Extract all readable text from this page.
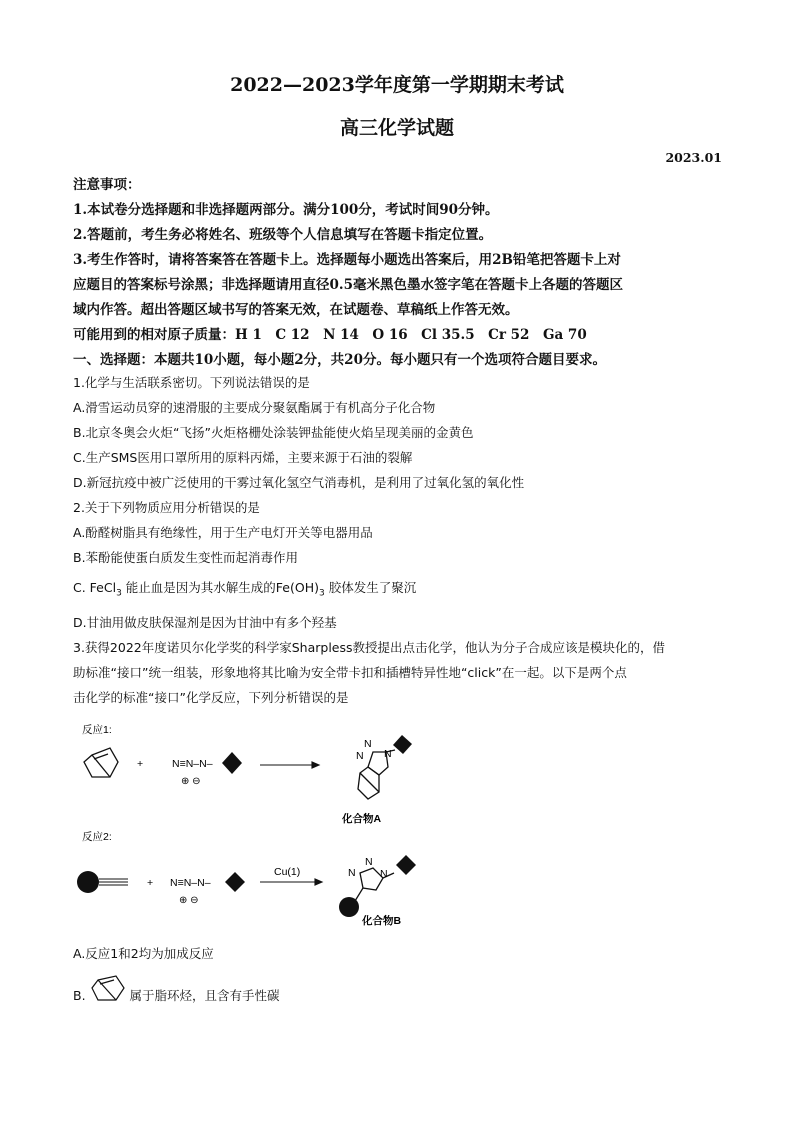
2022—2023学年度第一学期期末考试
高三化学试题
2023.01
注意事项：
1.本试卷分选择题和非选择题两部分。满分100分，考试时间90分钟。
2.答题前，考生务必将姓名、班级等个人信息填写在答题卡指定位置。
3.考生作答时，请将答案答在答题卡上。选择题每小题选出答案后，用2B铅笔把答题卡上对
应题目的答案标号涂黑；非选择题请用直径0.5毫米黑色墨水签字笔在答题卡上各题的答题区
域内作答。超出答题区域书写的答案无效，在试题卷、草稿纸上作答无效。
可能用到的相对原子质量：H 1　C 12　N 14　O 16　Cl 35.5　Cr 52　Ga 70
一、选择题：本题共10小题，每小题2分，共20分。每小题只有一个选项符合题目要求。
1.化学与生活联系密切。下列说法错误的是
A.滑雪运动员穿的速滑服的主要成分聚氨酯属于有机高分子化合物
B.北京冬奥会火炬“飞扬”火炬格栅处涂装钾盐能使火焰呈现美丽的金黄色
C.生产SMS医用口罩所用的原料丙烯，主要来源于石油的裂解
D.新冠抗疫中被广泛使用的干雾过氧化氢空气消毒机，是利用了过氧化氢的氧化性
2.关于下列物质应用分析错误的是
A.酚醛树脂具有绝缘性，用于生产电灯开关等电器用品
B.苯酚能使蛋白质发生变性而起消毒作用
C. FeCl$_3$ 能止血是因为其水解生成的$Fe(OH)_3$ 胶体发生了聚沉
D.甘油用做皮肤保湿剂是因为甘油中有多个羟基
3.获得2022年度诺贝尔化学奖的科学家Sharpless教授提出点击化学，他认为分子合成应该是模块化的，借
助标准“接口”统一组装，形象地将其比喻为安全带卡扣和插槽特异性地“click”在一起。以下是两个点
击化学的标准“接口”化学反应，下列分析错误的是
反应1:
+	N≡N–N–
⊕ ⊖
N
N
N
化合物A
反应2:
+ N≡N–N–
⊕ ⊖
Cu(1)	N
N
N
化合物B
A.反应1和2均为加成反应
B.	属于脂环烃，且含有手性碳
